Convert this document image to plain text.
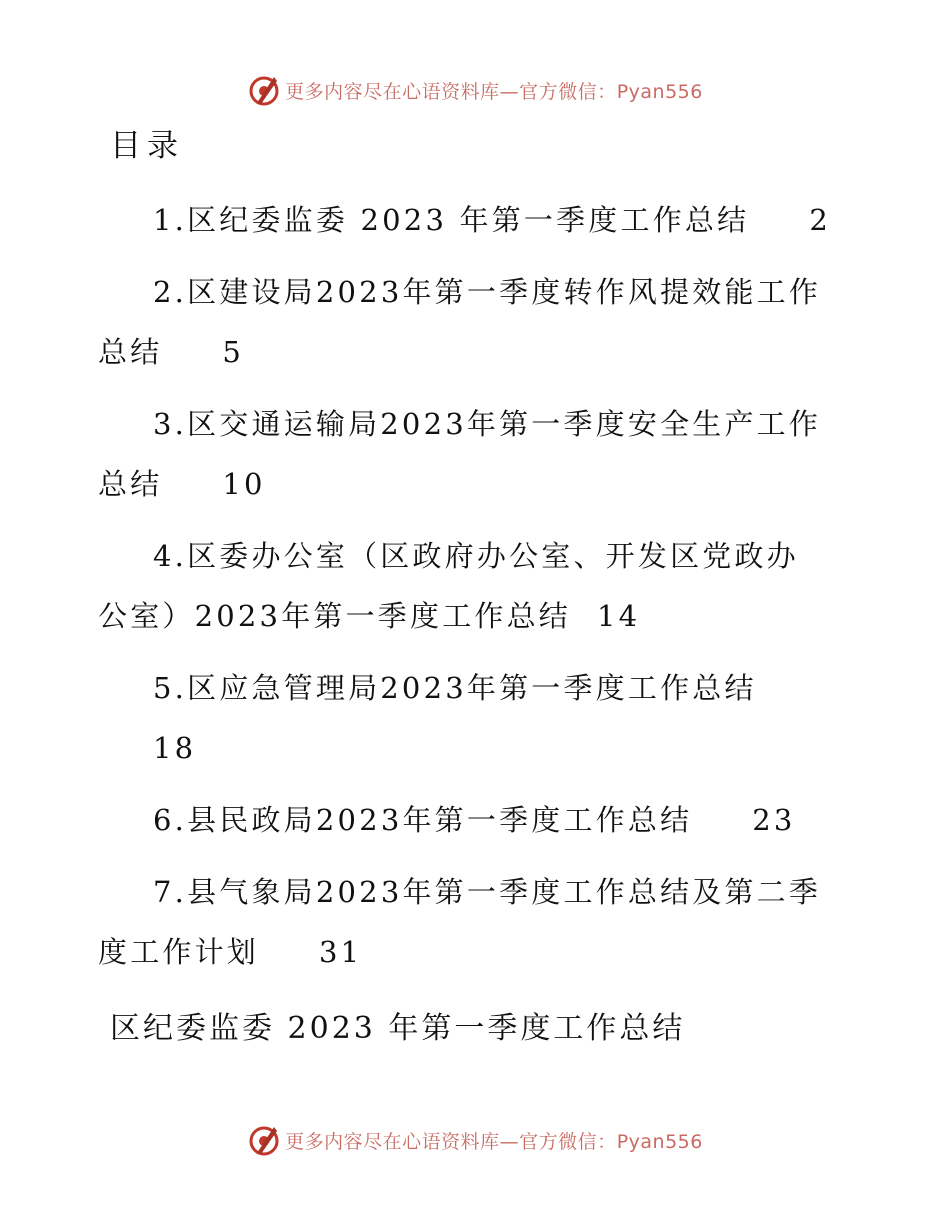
更多内容尽在心语资料库—官方微信：Pyan556
目录

1.区纪委监委 2023 年第一季度工作总结 2

2.区建设局2023年第一季度转作风提效能工作

总结 5

3.区交通运输局2023年第一季度安全生产工作

总结 10

4.区委办公室（区政府办公室、开发区党政办

公室）2023年第一季度工作总结 14

5.区应急管理局2023年第一季度工作总结

18

6.县民政局2023年第一季度工作总结 23

7.县气象局2023年第一季度工作总结及第二季

度工作计划 31

区纪委监委 2023 年第一季度工作总结
更多内容尽在心语资料库—官方微信：Pyan556
